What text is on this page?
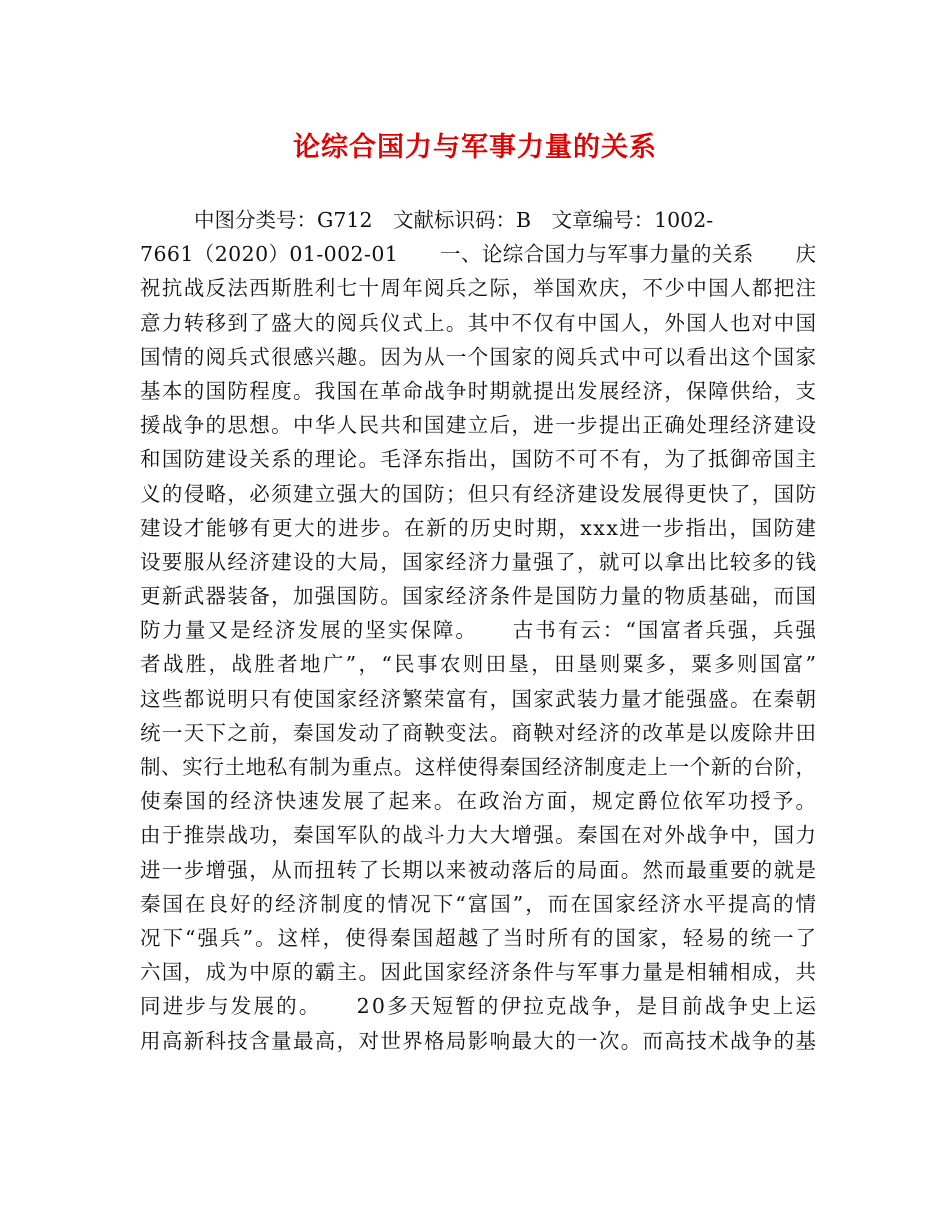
论综合国力与军事力量的关系
中图分类号：G712　文献标识码：B　文章编号：1002-
7661（2020）01-002-01　　一、论综合国力与军事力量的关系　　庆
祝抗战反法西斯胜利七十周年阅兵之际，举国欢庆，不少中国人都把注
意力转移到了盛大的阅兵仪式上。其中不仅有中国人，外国人也对中国
国情的阅兵式很感兴趣。因为从一个国家的阅兵式中可以看出这个国家
基本的国防程度。我国在革命战争时期就提出发展经济，保障供给，支
援战争的思想。中华人民共和国建立后，进一步提出正确处理经济建设
和国防建设关系的理论。毛泽东指出，国防不可不有，为了抵御帝国主
义的侵略，必须建立强大的国防；但只有经济建设发展得更快了，国防
建设才能够有更大的进步。在新的历史时期，xxx进一步指出，国防建
设要服从经济建设的大局，国家经济力量强了，就可以拿出比较多的钱
更新武器装备，加强国防。国家经济条件是国防力量的物质基础，而国
防力量又是经济发展的坚实保障。　　古书有云：“国富者兵强，兵强
者战胜，战胜者地广”，“民事农则田垦，田垦则粟多，粟多则国富”
这些都说明只有使国家经济繁荣富有，国家武装力量才能强盛。在秦朝
统一天下之前，秦国发动了商鞅变法。商鞅对经济的改革是以废除井田
制、实行土地私有制为重点。这样使得秦国经济制度走上一个新的台阶，
使秦国的经济快速发展了起来。在政治方面，规定爵位依军功授予。
由于推崇战功，秦国军队的战斗力大大增强。秦国在对外战争中，国力
进一步增强，从而扭转了长期以来被动落后的局面。然而最重要的就是
秦国在良好的经济制度的情况下“富国”，而在国家经济水平提高的情
况下“强兵”。这样，使得秦国超越了当时所有的国家，轻易的统一了
六国，成为中原的霸主。因此国家经济条件与军事力量是相辅相成，共
同进步与发展的。　　20多天短暂的伊拉克战争，是目前战争史上运
用高新科技含量最高，对世界格局影响最大的一次。而高技术战争的基
